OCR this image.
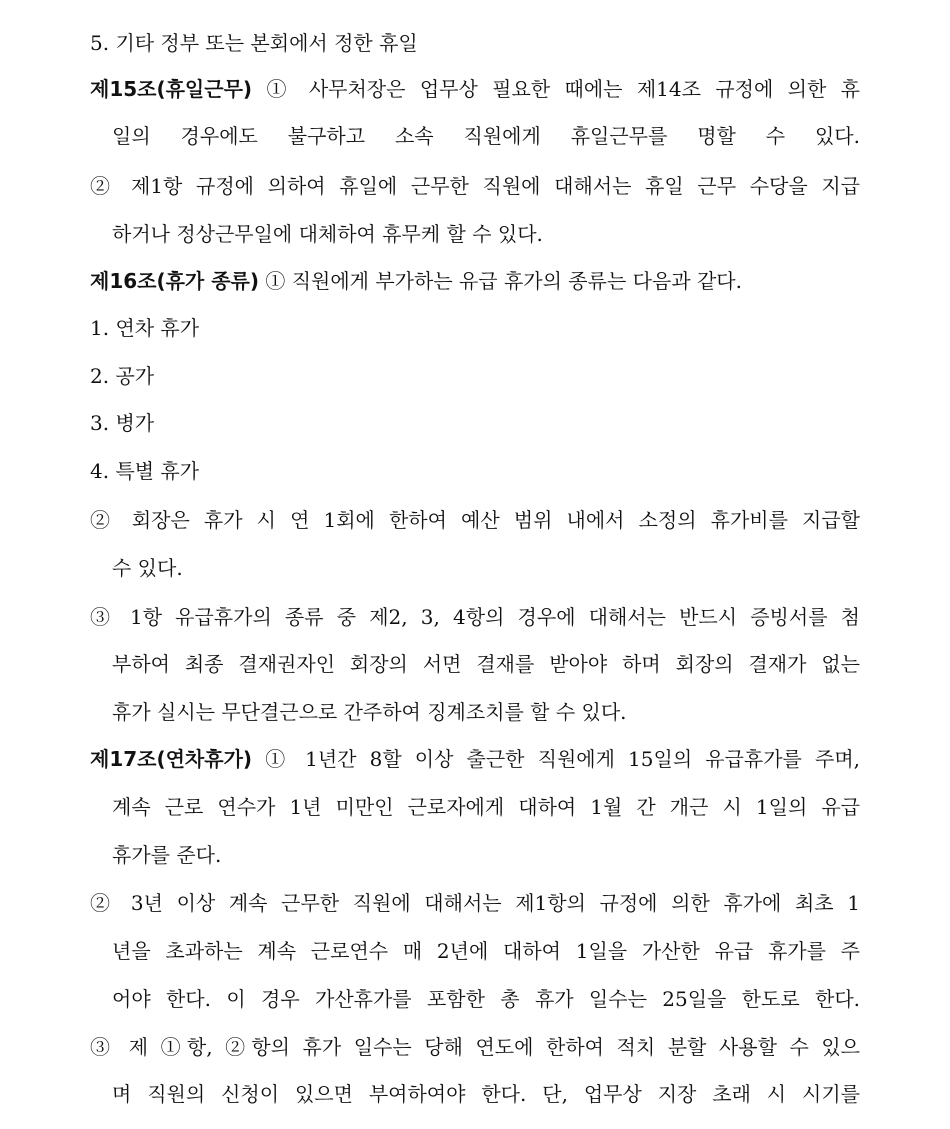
5. 기타 정부 또는 본회에서 정한 휴일
제15조(휴일근무) ① 사무처장은 업무상 필요한 때에는 제14조 규정에 의한 휴
일의 경우에도 불구하고 소속 직원에게 휴일근무를 명할 수 있다.
② 제1항 규정에 의하여 휴일에 근무한 직원에 대해서는 휴일 근무 수당을 지급
하거나 정상근무일에 대체하여 휴무케 할 수 있다.
제16조(휴가 종류) ① 직원에게 부가하는 유급 휴가의 종류는 다음과 같다.
1. 연차 휴가
2. 공가
3. 병가
4. 특별 휴가
② 회장은 휴가 시 연 1회에 한하여 예산 범위 내에서 소정의 휴가비를 지급할
수 있다.
③ 1항 유급휴가의 종류 중 제2, 3, 4항의 경우에 대해서는 반드시 증빙서를 첨
부하여 최종 결재권자인 회장의 서면 결재를 받아야 하며 회장의 결재가 없는
휴가 실시는 무단결근으로 간주하여 징계조치를 할 수 있다.
제17조(연차휴가) ① 1년간 8할 이상 출근한 직원에게 15일의 유급휴가를 주며,
계속 근로 연수가 1년 미만인 근로자에게 대하여 1월 간 개근 시 1일의 유급
휴가를 준다.
② 3년 이상 계속 근무한 직원에 대해서는 제1항의 규정에 의한 휴가에 최초 1
년을 초과하는 계속 근로연수 매 2년에 대하여 1일을 가산한 유급 휴가를 주
어야 한다. 이 경우 가산휴가를 포함한 총 휴가 일수는 25일을 한도로 한다.
③ 제 ①항, ②항의 휴가 일수는 당해 연도에 한하여 적치 분할 사용할 수 있으
며 직원의 신청이 있으면 부여하여야 한다. 단, 업무상 지장 초래 시 시기를
